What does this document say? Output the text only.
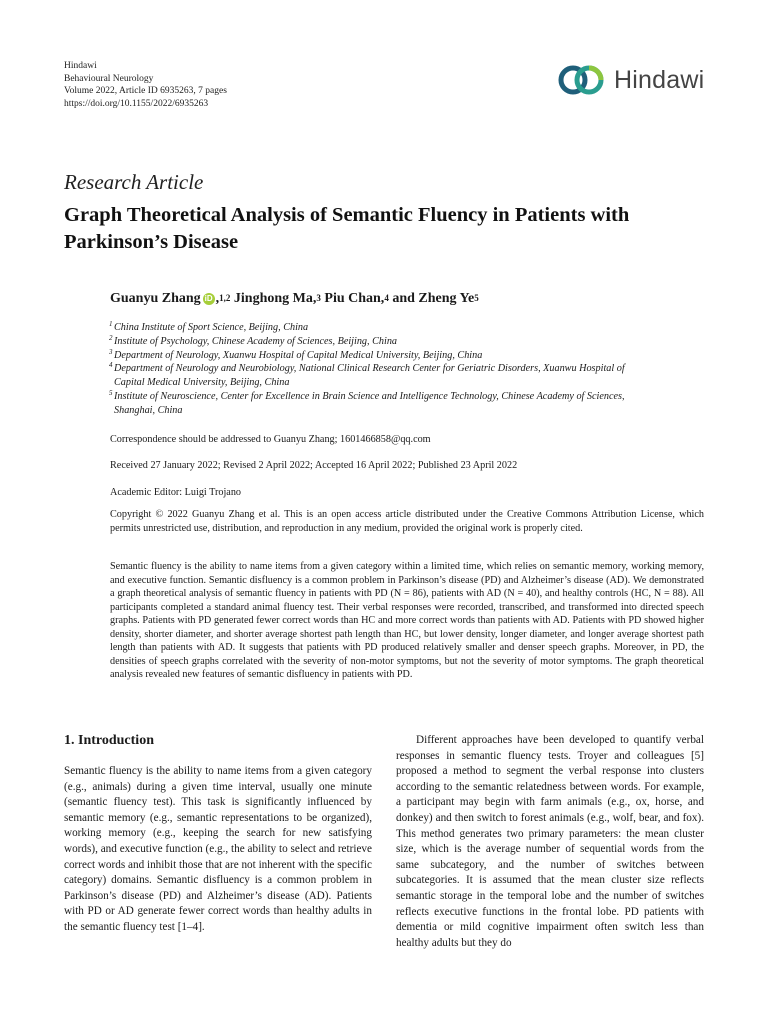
Hindawi
Behavioural Neurology
Volume 2022, Article ID 6935263, 7 pages
https://doi.org/10.1155/2022/6935263
Hindawi
Research Article
Graph Theoretical Analysis of Semantic Fluency in Patients with Parkinson’s Disease
Guanyu Zhang iD ,$^{1,2}$
Jinghong Ma,$^3$
Piu Chan,$^4$
and Zheng Ye$^5$
1 China Institute of Sport Science, Beijing, China
2 Institute of Psychology, Chinese Academy of Sciences, Beijing, China
3 Department of Neurology, Xuanwu Hospital of Capital Medical University, Beijing, China
4 Department of Neurology and Neurobiology, National Clinical Research Center for Geriatric Disorders, Xuanwu Hospital of
Capital Medical University, Beijing, China
5 Institute of Neuroscience, Center for Excellence in Brain Science and Intelligence Technology, Chinese Academy of Sciences,
Shanghai, China
Correspondence should be addressed to Guanyu Zhang; 1601466858@qq.com
Received 27 January 2022; Revised 2 April 2022; Accepted 16 April 2022; Published 23 April 2022
Academic Editor: Luigi Trojano
Copyright © 2022 Guanyu Zhang et al. This is an open access article distributed under the Creative Commons Attribution License, which permits unrestricted use, distribution, and reproduction in any medium, provided the original work is properly cited.
Semantic fluency is the ability to name items from a given category within a limited time, which relies on semantic memory, working memory, and executive function. Semantic disfluency is a common problem in Parkinson’s disease (PD) and Alzheimer’s disease (AD). We demonstrated a graph theoretical analysis of semantic fluency in patients with PD (N = 86), patients with AD (N = 40), and healthy controls (HC, N = 88). All participants completed a standard animal fluency test. Their verbal responses were recorded, transcribed, and transformed into directed speech graphs. Patients with PD generated fewer correct words than HC and more correct words than patients with AD. Patients with PD showed higher density, shorter diameter, and shorter average shortest path length than HC, but lower density, longer diameter, and longer average shortest path length than patients with AD. It suggests that patients with PD produced relatively smaller and denser speech graphs. Moreover, in PD, the densities of speech graphs correlated with the severity of non-motor symptoms, but not the severity of motor symptoms. The graph theoretical analysis revealed new features of semantic disfluency in patients with PD.
1. Introduction
Semantic fluency is the ability to name items from a given category (e.g., animals) during a given time interval, usually one minute (semantic fluency test). This task is significantly influenced by semantic memory (e.g., semantic representations to be organized), working memory (e.g., keeping the search for new satisfying words), and executive function (e.g., the ability to select and retrieve correct words and inhibit those that are not inherent with the specific category) domains. Semantic disfluency is a common problem in Parkinson’s disease (PD) and Alzheimer’s disease (AD). Patients with PD or AD generate fewer correct words than healthy adults in the semantic fluency test [1–4].
Different approaches have been developed to quantify verbal responses in semantic fluency tests. Troyer and colleagues [5] proposed a method to segment the verbal response into clusters according to the semantic relatedness between words. For example, a participant may begin with farm animals (e.g., ox, horse, and donkey) and then switch to forest animals (e.g., wolf, bear, and fox). This method generates two primary parameters: the mean cluster size, which is the average number of sequential words from the same subcategory, and the number of switches between subcategories. It is assumed that the mean cluster size reflects semantic storage in the temporal lobe and the number of switches reflects executive functions in the frontal lobe. PD patients with dementia or mild cognitive impairment often switch less than healthy adults but they do
